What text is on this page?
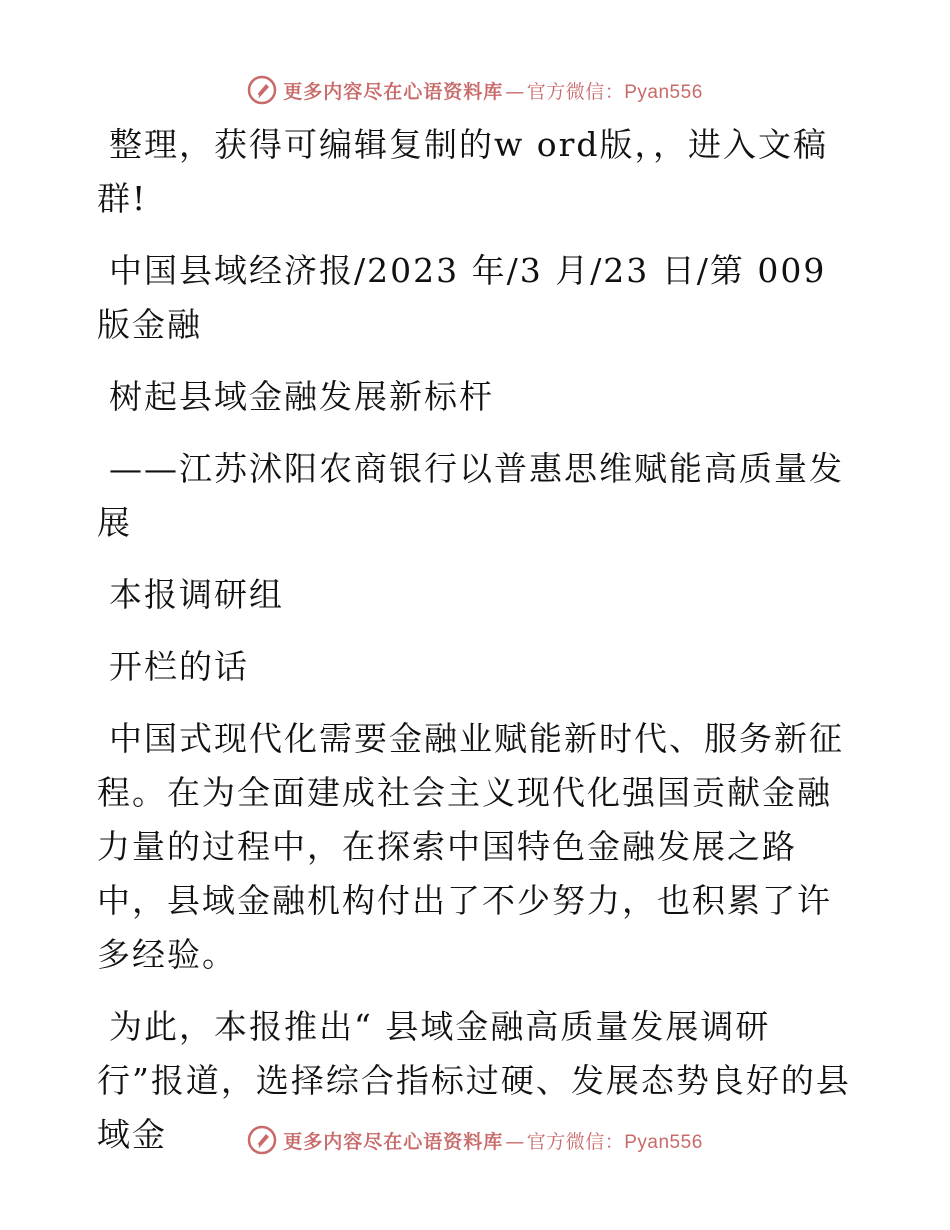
更多内容尽在心语资料库 — 官方微信：Pyan556

整理，获得可编辑复制的w ord版，，进入文稿群!

中国县域经济报/2023 年/3 月/23 日/第 009 版金融

树起县域金融发展新标杆

——江苏沭阳农商银行以普惠思维赋能高质量发展

本报调研组

开栏的话

中国式现代化需要金融业赋能新时代、服务新征程。在为全面建成社会主义现代化强国贡献金融力量的过程中，在探索中国特色金融发展之路中，县域金融机构付出了不少努力，也积累了许多经验。

为此，本报推出“ 县域金融高质量发展调研行”报道，选择综合指标过硬、发展态势良好的县域金	更多内容尽在心语资料库 — 官方微信：Pyan556
